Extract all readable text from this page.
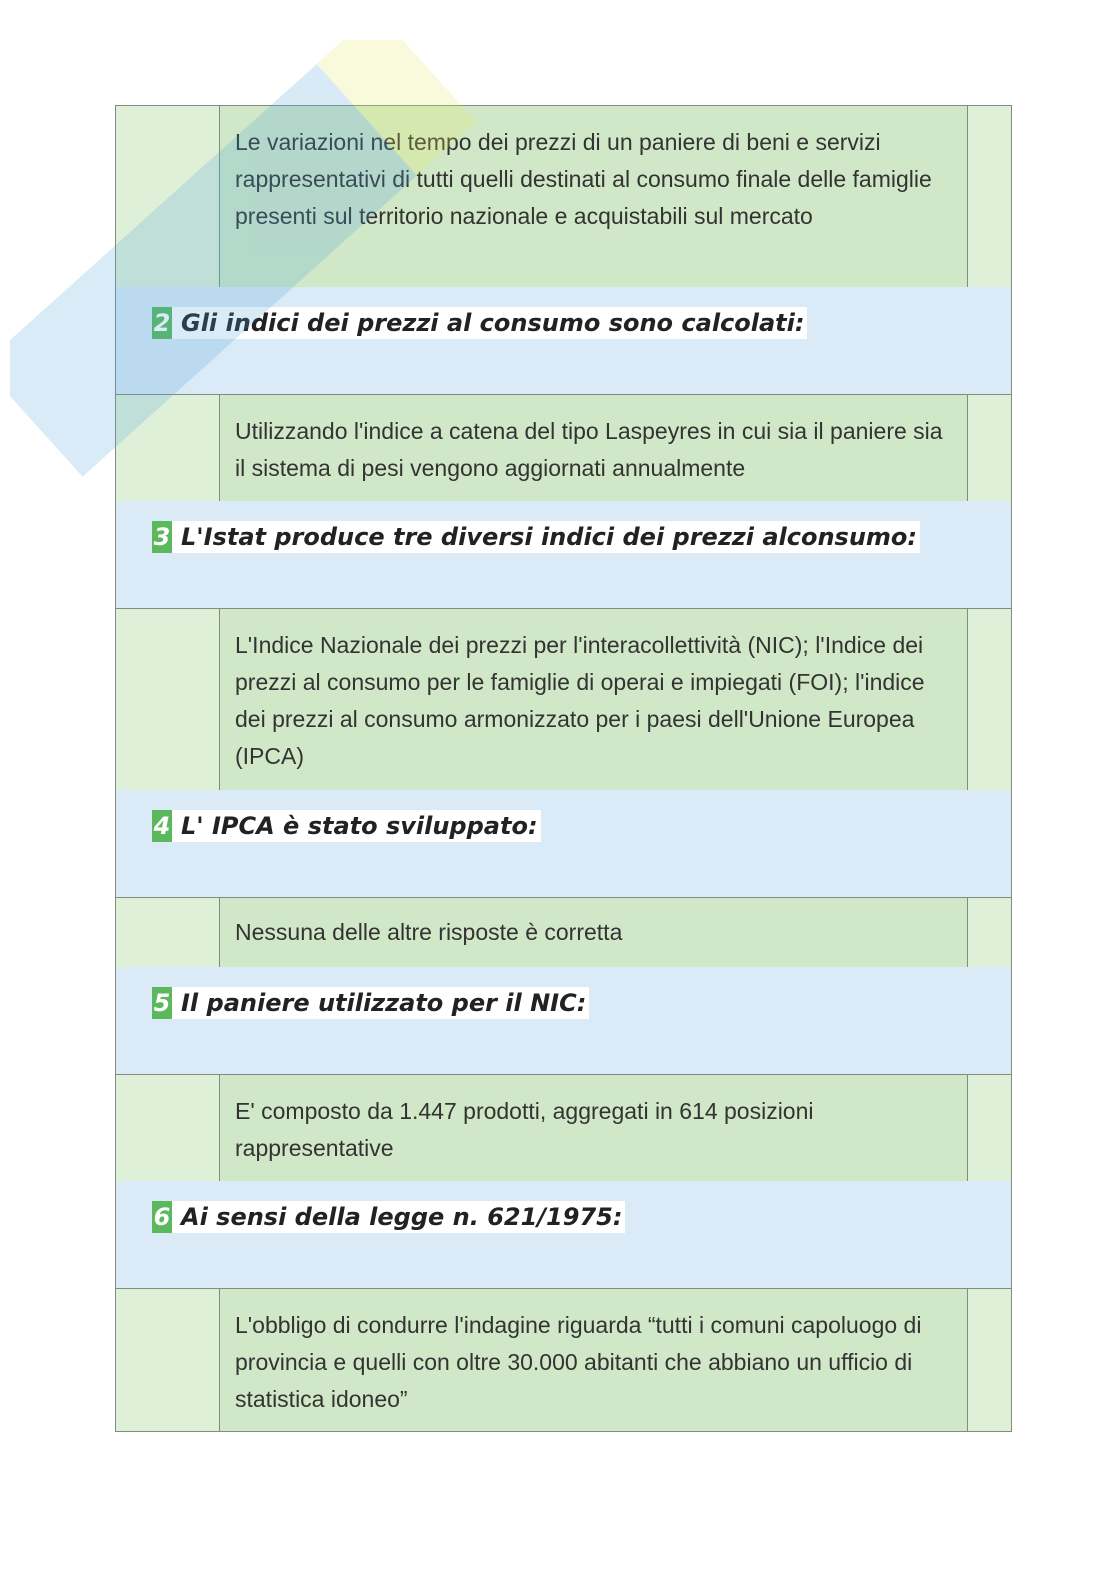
Le variazioni nel tempo dei prezzi di un paniere di beni e servizi rappresentativi di tutti quelli destinati al consumo finale delle famiglie presenti sul territorio nazionale e acquistabili sul mercato
2 Gli indici dei prezzi al consumo sono calcolati:
Utilizzando l'indice a catena del tipo Laspeyres in cui sia il paniere sia il sistema di pesi vengono aggiornati annualmente
3 L'Istat produce tre diversi indici dei prezzi alconsumo:
L'Indice Nazionale dei prezzi per l'interacollettività (NIC); l'Indice dei prezzi al consumo per le famiglie di operai e impiegati (FOI); l'indice dei prezzi al consumo armonizzato per i paesi dell'Unione Europea (IPCA)
4 L' IPCA è stato sviluppato:
Nessuna delle altre risposte è corretta
5 Il paniere utilizzato per il NIC:
E' composto da 1.447 prodotti, aggregati in 614 posizioni rappresentative
6 Ai sensi della legge n. 621/1975:
L'obbligo di condurre l'indagine riguarda “tutti i comuni capoluogo di provincia e quelli con oltre 30.000 abitanti che abbiano un ufficio di statistica idoneo”
